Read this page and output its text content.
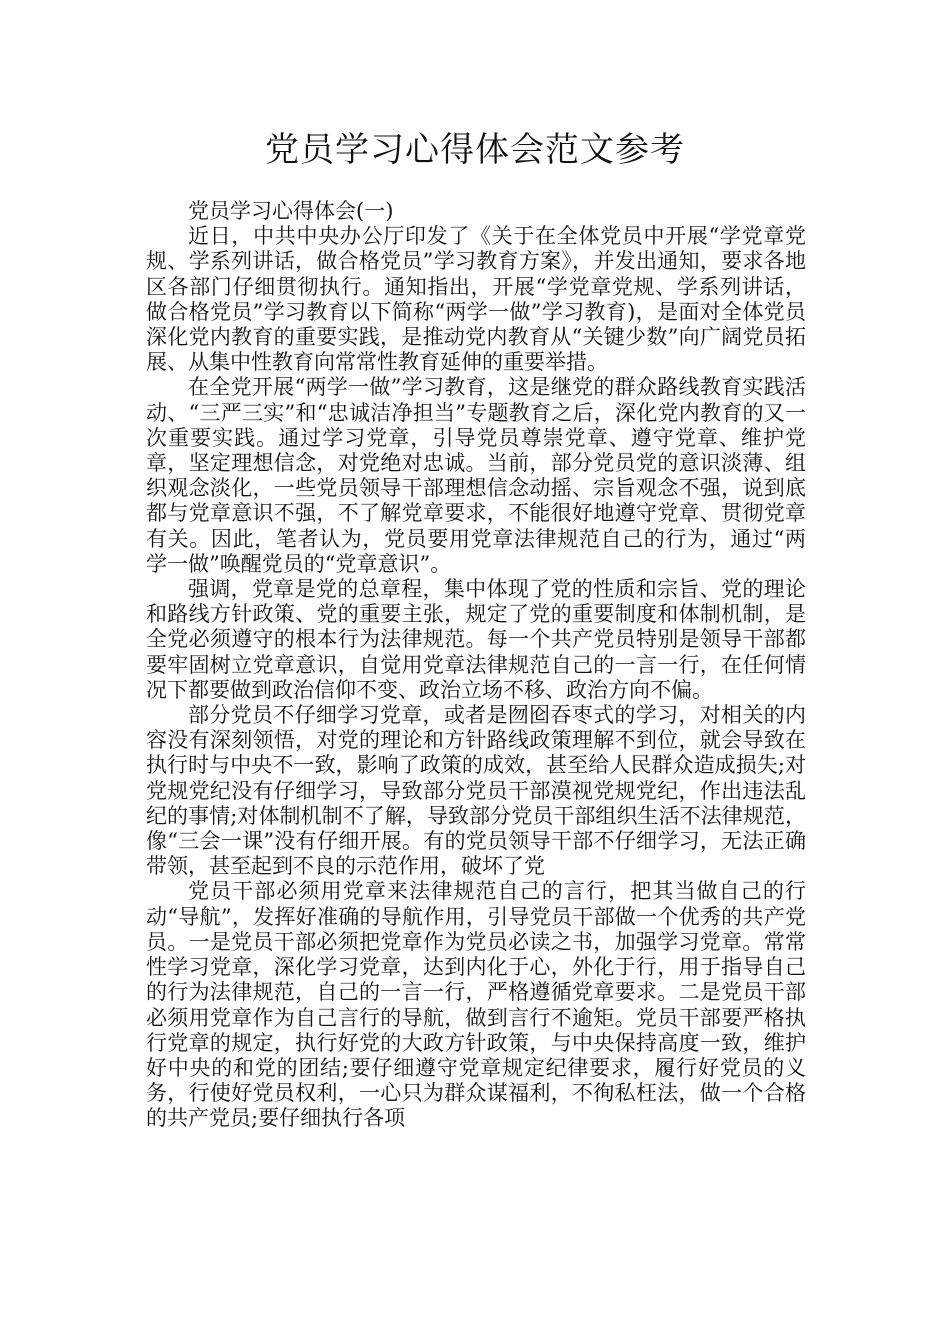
党员学习心得体会范文参考

党员学习心得体会(一)

近日，中共中央办公厅印发了《关于在全体党员中开展“学党章党规、学系列讲话，做合格党员”学习教育方案》，并发出通知，要求各地区各部门仔细贯彻执行。通知指出，开展“学党章党规、学系列讲话，做合格党员”学习教育以下简称“两学一做”学习教育)，是面对全体党员深化党内教育的重要实践，是推动党内教育从“关键少数”向广阔党员拓展、从集中性教育向常常性教育延伸的重要举措。

在全党开展“两学一做”学习教育，这是继党的群众路线教育实践活动、“三严三实”和“忠诚洁净担当”专题教育之后，深化党内教育的又一次重要实践。通过学习党章，引导党员尊崇党章、遵守党章、维护党章，坚定理想信念，对党绝对忠诚。当前，部分党员党的意识淡薄、组织观念淡化，一些党员领导干部理想信念动摇、宗旨观念不强，说到底都与党章意识不强，不了解党章要求，不能很好地遵守党章、贯彻党章有关。因此，笔者认为，党员要用党章法律规范自己的行为，通过“两学一做”唤醒党员的“党章意识”。

强调，党章是党的总章程，集中体现了党的性质和宗旨、党的理论和路线方针政策、党的重要主张，规定了党的重要制度和体制机制，是全党必须遵守的根本行为法律规范。每一个共产党员特别是领导干部都要牢固树立党章意识，自觉用党章法律规范自己的一言一行，在任何情况下都要做到政治信仰不变、政治立场不移、政治方向不偏。

部分党员不仔细学习党章，或者是囫囵吞枣式的学习，对相关的内容没有深刻领悟，对党的理论和方针路线政策理解不到位，就会导致在执行时与中央不一致，影响了政策的成效，甚至给人民群众造成损失;对党规党纪没有仔细学习，导致部分党员干部漠视党规党纪，作出违法乱纪的事情;对体制机制不了解，导致部分党员干部组织生活不法律规范，像“三会一课”没有仔细开展。有的党员领导干部不仔细学习，无法正确带领，甚至起到不良的示范作用，破坏了党

党员干部必须用党章来法律规范自己的言行，把其当做自己的行动“导航”，发挥好准确的导航作用，引导党员干部做一个优秀的共产党员。一是党员干部必须把党章作为党员必读之书，加强学习党章。常常性学习党章，深化学习党章，达到内化于心，外化于行，用于指导自己的行为法律规范，自己的一言一行，严格遵循党章要求。二是党员干部必须用党章作为自己言行的导航，做到言行不逾矩。党员干部要严格执行党章的规定，执行好党的大政方针政策，与中央保持高度一致，维护好中央的和党的团结;要仔细遵守党章规定纪律要求，履行好党员的义务，行使好党员权利，一心只为群众谋福利，不徇私枉法，做一个合格的共产党员;要仔细执行各项
